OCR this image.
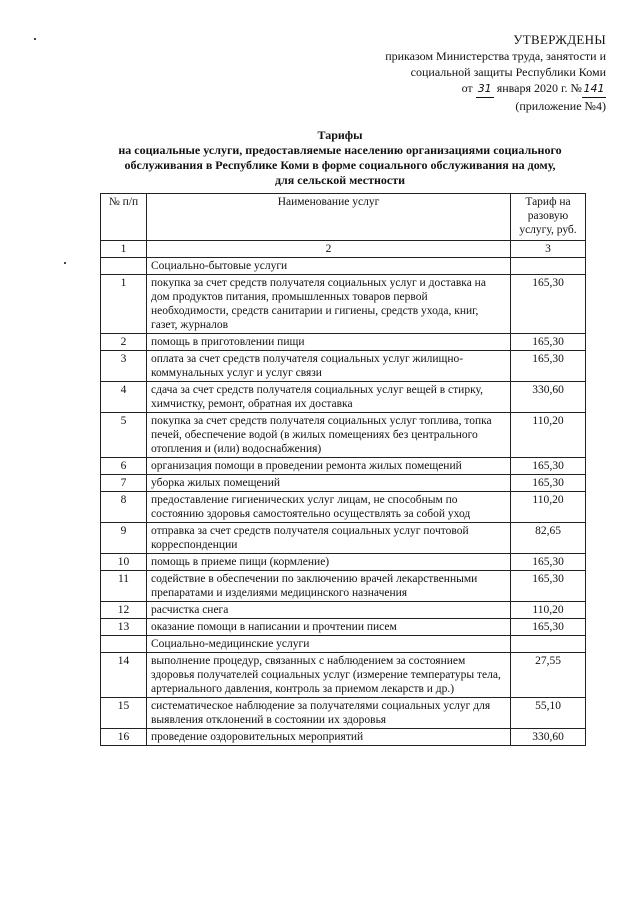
УТВЕРЖДЕНЫ
приказом Министерства труда, занятости и
социальной защиты Республики Коми
от 31 января 2020 г. № 141
(приложение №4)
Тарифы
на социальные услуги, предоставляемые населению организациями социального
обслуживания в Республике Коми в форме социального обслуживания на дому,
для сельской местности
№ п/п	Наименование услуг	Тариф на разовую услугу, руб.
1	2	3
	Социально-бытовые услуги	
1	покупка за счет средств получателя социальных услуг и доставка на дом продуктов питания, промышленных товаров первой необходимости, средств санитарии и гигиены, средств ухода, книг, газет, журналов	165,30
2	помощь в приготовлении пищи	165,30
3	оплата за счет средств получателя социальных услуг жилищно-коммунальных услуг и услуг связи	165,30
4	сдача за счет средств получателя социальных услуг вещей в стирку, химчистку, ремонт, обратная их доставка	330,60
5	покупка за счет средств получателя социальных услуг топлива, топка печей, обеспечение водой (в жилых помещениях без центрального отопления и (или) водоснабжения)	110,20
6	организация помощи в проведении ремонта жилых помещений	165,30
7	уборка жилых помещений	165,30
8	предоставление гигиенических услуг лицам, не способным по состоянию здоровья самостоятельно осуществлять за собой уход	110,20
9	отправка за счет средств получателя социальных услуг почтовой корреспонденции	82,65
10	помощь в приеме пищи (кормление)	165,30
11	содействие в обеспечении по заключению врачей лекарственными препаратами и изделиями медицинского назначения	165,30
12	расчистка снега	110,20
13	оказание помощи в написании и прочтении писем	165,30
	Социально-медицинские услуги	
14	выполнение процедур, связанных с наблюдением за состоянием здоровья получателей социальных услуг (измерение температуры тела, артериального давления, контроль за приемом лекарств и др.)	27,55
15	систематическое наблюдение за получателями социальных услуг для выявления отклонений в состоянии их здоровья	55,10
16	проведение оздоровительных мероприятий	330,60
